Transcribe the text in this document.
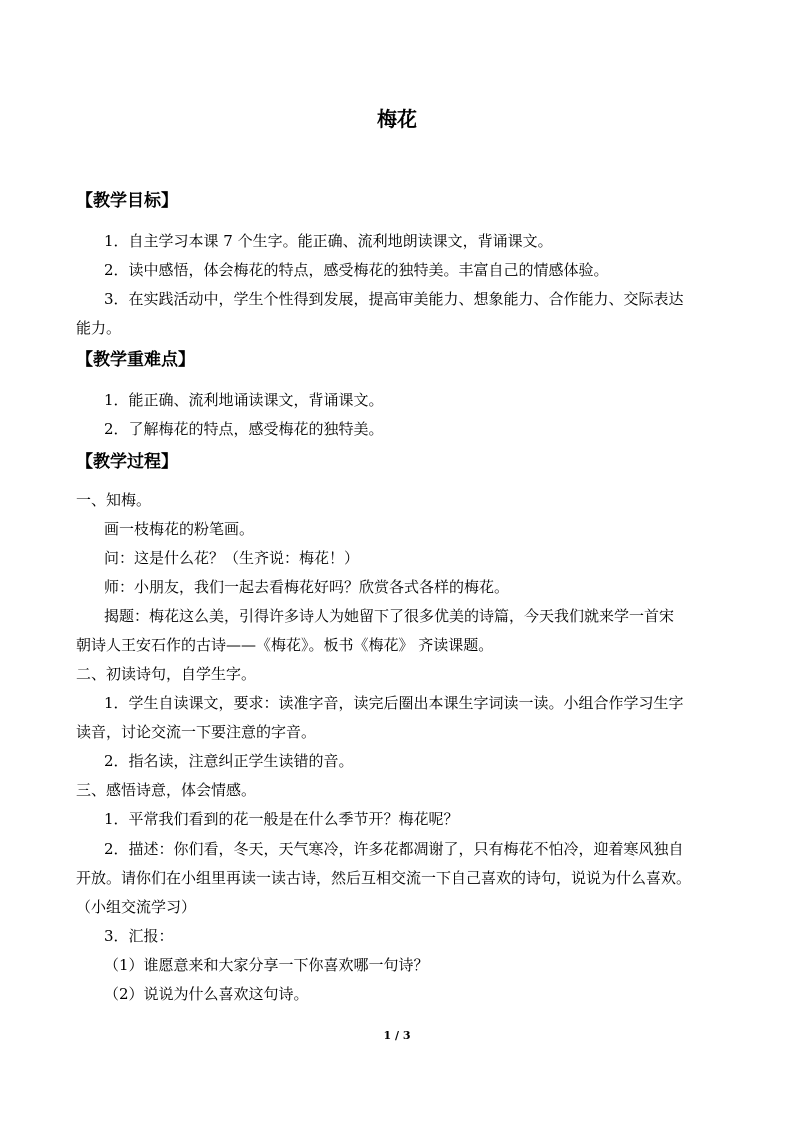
梅花
【教学目标】
1．自主学习本课 7 个生字。能正确、流利地朗读课文，背诵课文。
2．读中感悟，体会梅花的特点，感受梅花的独特美。丰富自己的情感体验。
3．在实践活动中，学生个性得到发展，提高审美能力、想象能力、合作能力、交际表达
能力。
【教学重难点】
1．能正确、流利地诵读课文，背诵课文。
2．了解梅花的特点，感受梅花的独特美。
【教学过程】
一、知梅。
画一枝梅花的粉笔画。
问：这是什么花？（生齐说：梅花！）
师：小朋友，我们一起去看梅花好吗？欣赏各式各样的梅花。
揭题：梅花这么美，引得许多诗人为她留下了很多优美的诗篇，今天我们就来学一首宋
朝诗人王安石作的古诗——《梅花》。板书《梅花》 齐读课题。
二、初读诗句，自学生字。
1．学生自读课文，要求：读准字音，读完后圈出本课生字词读一读。小组合作学习生字
读音，讨论交流一下要注意的字音。
2．指名读，注意纠正学生读错的音。
三、感悟诗意，体会情感。
1．平常我们看到的花一般是在什么季节开？梅花呢？
2．描述：你们看，冬天，天气寒冷，许多花都凋谢了，只有梅花不怕冷，迎着寒风独自
开放。请你们在小组里再读一读古诗，然后互相交流一下自己喜欢的诗句，说说为什么喜欢。
（小组交流学习）
3．汇报：
（1）谁愿意来和大家分享一下你喜欢哪一句诗？
（2）说说为什么喜欢这句诗。
1 / 3
